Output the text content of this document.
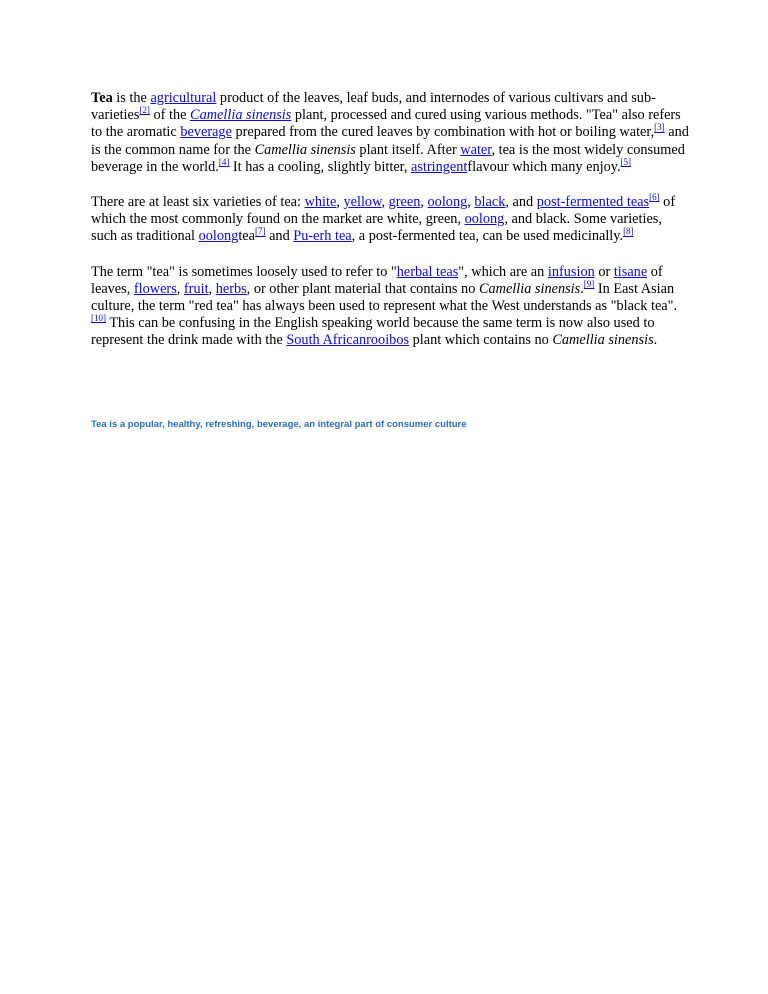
Tea is the agricultural product of the leaves, leaf buds, and internodes of various cultivars and sub-varieties[2] of the Camellia sinensis plant, processed and cured using various methods. "Tea" also refers to the aromatic beverage prepared from the cured leaves by combination with hot or boiling water,[3] and is the common name for the Camellia sinensis plant itself. After water, tea is the most widely consumed beverage in the world.[4] It has a cooling, slightly bitter, astringentflavour which many enjoy.[5]

There are at least six varieties of tea: white, yellow, green, oolong, black, and post-fermented teas[6] of which the most commonly found on the market are white, green, oolong, and black. Some varieties, such as traditional oolongtea[7] and Pu-erh tea, a post-fermented tea, can be used medicinally.[8]

The term "tea" is sometimes loosely used to refer to "herbal teas", which are an infusion or tisane of leaves, flowers, fruit, herbs, or other plant material that contains no Camellia sinensis.[9] In East Asian culture, the term "red tea" has always been used to represent what the West understands as "black tea".[10] This can be confusing in the English speaking world because the same term is now also used to represent the drink made with the South Africanrooibos plant which contains no Camellia sinensis.

Tea is a popular, healthy, refreshing, beverage, an integral part of consumer culture
